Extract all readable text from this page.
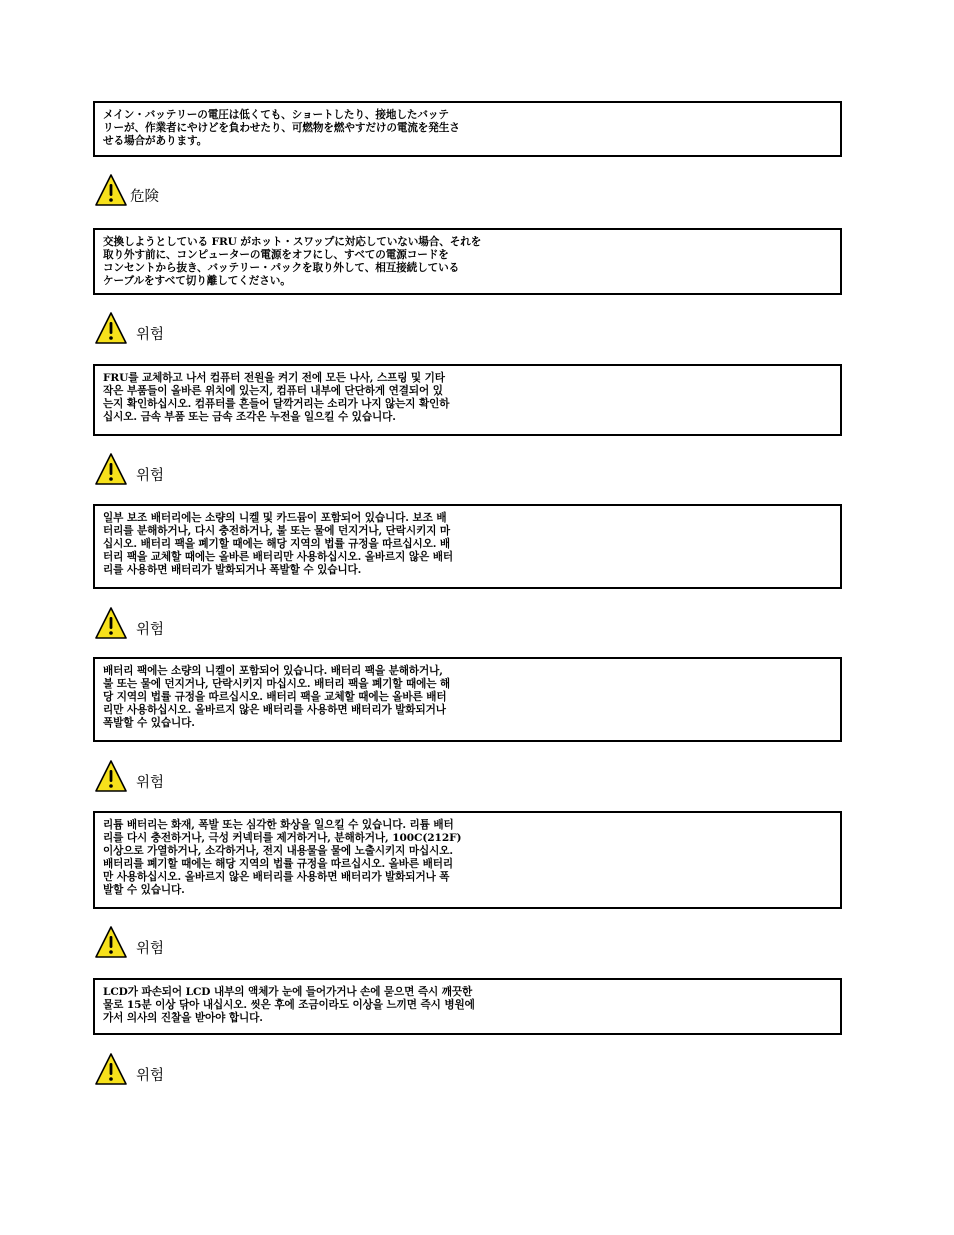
メイン・バッテリーの電圧は低くても、ショートしたり、接地したバッテ

リーが、作業者にやけどを負わせたり、可燃物を燃やすだけの電流を発生さ

せる場合があります。

危険

交換しようとしている FRU がホット・スワップに対応していない場合、それを

取り外す前に、コンピューターの電源をオフにし、すべての電源コードを

コンセントから抜き、バッテリー・パックを取り外して、相互接続している

ケーブルをすべて切り離してください。

위험

FRU를 교체하고 나서 컴퓨터 전원을 켜기 전에 모든 나사, 스프링 및 기타

작은 부품들이 올바른 위치에 있는지, 컴퓨터 내부에 단단하게 연결되어 있

는지 확인하십시오. 컴퓨터를 흔들어 달깍거리는 소리가 나지 않는지 확인하

십시오. 금속 부품 또는 금속 조각은 누전을 일으킬 수 있습니다.

위험

일부 보조 배터리에는 소량의 니켈 및 카드뮴이 포함되어 있습니다. 보조 배

터리를 분해하거나, 다시 충전하거나, 불 또는 물에 던지거나, 단락시키지 마

십시오. 배터리 팩을 폐기할 때에는 해당 지역의 법률 규정을 따르십시오. 배

터리 팩을 교체할 때에는 올바른 배터리만 사용하십시오. 올바르지 않은 배터

리를 사용하면 배터리가 발화되거나 폭발할 수 있습니다.

위험

배터리 팩에는 소량의 니켈이 포함되어 있습니다. 배터리 팩을 분해하거나,

불 또는 물에 던지거나, 단락시키지 마십시오. 배터리 팩을 폐기할 때에는 해

당 지역의 법률 규정을 따르십시오. 배터리 팩을 교체할 때에는 올바른 배터

리만 사용하십시오. 올바르지 않은 배터리를 사용하면 배터리가 발화되거나

폭발할 수 있습니다.

위험

리튬 배터리는 화재, 폭발 또는 심각한 화상을 일으킬 수 있습니다. 리튬 배터

리를 다시 충전하거나, 극성 커넥터를 제거하거나, 분해하거나, 100C(212F)

이상으로 가열하거나, 소각하거나, 전지 내용물을 물에 노출시키지 마십시오.

배터리를 폐기할 때에는 해당 지역의 법률 규정을 따르십시오. 올바른 배터리

만 사용하십시오. 올바르지 않은 배터리를 사용하면 배터리가 발화되거나 폭

발할 수 있습니다.

위험

LCD가 파손되어 LCD 내부의 액체가 눈에 들어가거나 손에 묻으면 즉시 깨끗한

물로 15분 이상 닦아 내십시오. 씻은 후에 조금이라도 이상을 느끼면 즉시 병원에

가서 의사의 진찰을 받아야 합니다.

위험
